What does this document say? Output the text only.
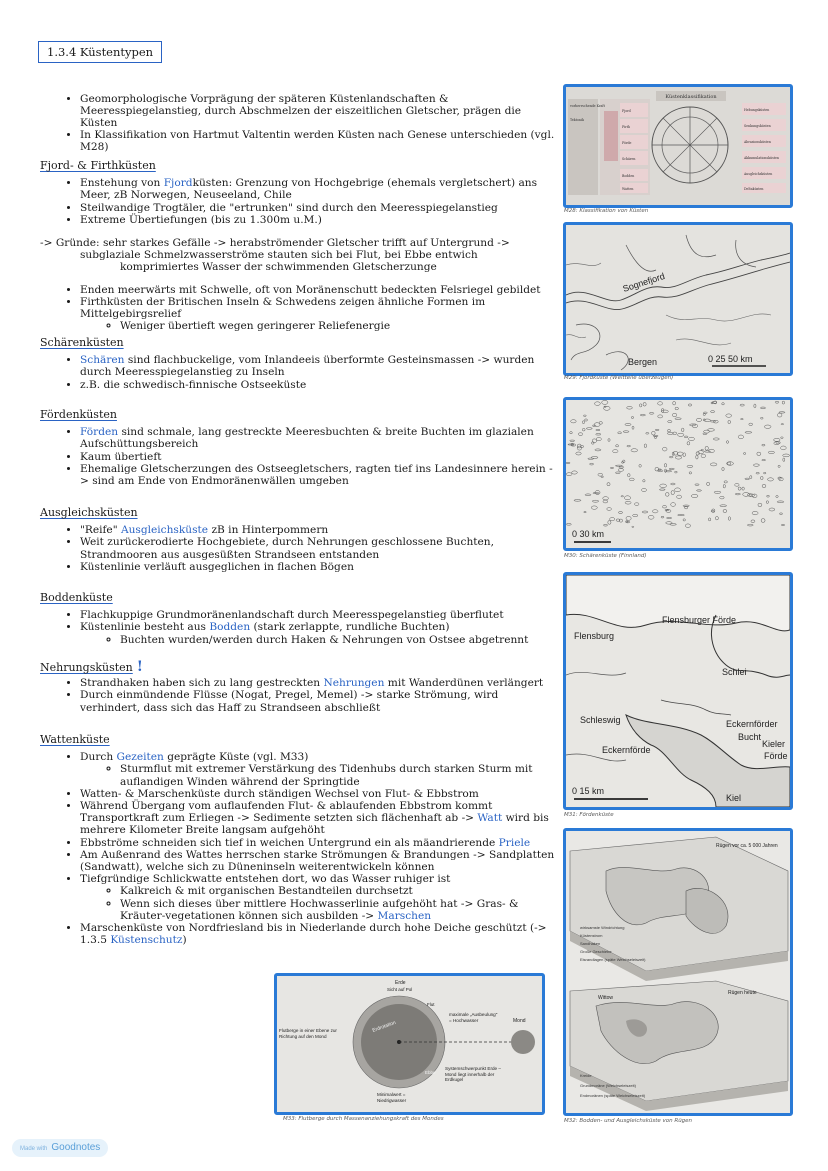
1.3.4 Küstentypen
• Geomorphologische Vorprägung der späteren Küstenlandschaften & Meeresspiegelanstieg, durch Abschmelzen der eiszeitlichen Gletscher, prägen die Küsten
• In Klassifikation von Hartmut Valtentin werden Küsten nach Genese unterschieden (vgl. M28)
Fjord- & Firthküsten
• Enstehung von Fjordküsten: Grenzung von Hochgebrige (ehemals vergletschert) ans Meer, zB Norwegen, Neuseeland, Chile
• Steilwandige Trogtäler, die "ertrunken" sind durch den Meeresspiegelanstieg
• Extreme Übertiefungen (bis zu 1.300m u.M.)
-> Gründe: sehr starkes Gefälle -> herabströmender Gletscher trifft auf Untergrund ->
subglaziale Schmelzwasserströme stauten sich bei Flut, bei Ebbe entwich
komprimiertes Wasser der schwimmenden Gletscherzunge
• Enden meerwärts mit Schwelle, oft von Moränenschutt bedeckten Felsriegel gebildet
• Firthküsten der Britischen Inseln & Schwedens zeigen ähnliche Formen im Mittelgebirgsrelief
◦ Weniger übertieft wegen geringerer Reliefenergie
Schärenküsten
• Schären sind flachbuckelige, vom Inlandeeis überformte Gesteinsmassen -> wurden durch Meeresspiegelanstieg zu Inseln
• z.B. die schwedisch-finnische Ostseeküste
Fördenküsten
• Förden sind schmale, lang gestreckte Meeresbuchten & breite Buchten im glazialen Aufschüttungsbereich
• Kaum übertieft
• Ehemalige Gletscherzungen des Ostseegletschers, ragten tief ins Landesinnere herein -> sind am Ende von Endmoränenwällen umgeben
Ausgleichsküsten
• "Reife" Ausgleichsküste zB in Hinterpommern
• Weit zurückerodierte Hochgebiete, durch Nehrungen geschlossene Buchten, Strandmooren aus ausgesüßten Strandseen entstanden
• Küstenlinie verläuft ausgeglichen in flachen Bögen
Boddenküste
• Flachkuppige Grundmoränenlandschaft durch Meeresspegelanstieg überflutet
• Küstenlinie besteht aus Bodden (stark zerlappte, rundliche Buchten)
◦ Buchten wurden/werden durch Haken & Nehrungen von Ostsee abgetrennt
Nehrungsküsten !
• Strandhaken haben sich zu lang gestreckten Nehrungen mit Wanderdünen verlängert
• Durch einmündende Flüsse (Nogat, Pregel, Memel) -> starke Strömung, wird verhindert, dass sich das Haff zu Strandseen abschließt
Wattenküste
• Durch Gezeiten geprägte Küste (vgl. M33)
◦ Sturmflut mit extremer Verstärkung des Tidenhubs durch starken Sturm mit auflandigen Winden während der Springtide
• Watten- & Marschenküste durch ständigen Wechsel von Flut- & Ebbstrom
• Während Übergang vom auflaufenden Flut- & ablaufenden Ebbstrom kommt Transportkraft zum Erliegen -> Sedimente setzten sich flächenhaft ab -> Watt wird bis mehrere Kilometer Breite langsam aufgehöht
• Ebbströme schneiden sich tief in weichen Untergrund ein als mäandrierende Priele
• Am Außenrand des Wattes herrschen starke Strömungen & Brandungen -> Sandplatten (Sandwatt), welche sich zu Düneninseln weiterentwickeln können
• Tiefgründige Schlickwatte entstehen dort, wo das Wasser ruhiger ist
◦ Kalkreich & mit organischen Bestandteilen durchsetzt
◦ Wenn sich dieses über mittlere Hochwasserlinie aufgehöht hat -> Gras- & Kräuter-vegetationen können sich ausbilden -> Marschen
• Marschenküste von Nordfriesland bis in Niederlande durch hohe Deiche geschützt (-> 1.3.5 Küstenschutz)
Küstenklassifikation
vorherrschende Kraft
Tektonik
Fjord
Firth
Förde
Schären
Bodden
Watten
Hebungsküsten
Senkungsküsten
Abrasionsküsten
Akkumulationsküsten
Ausgleichsküsten
Deltaküsten
M28: Klassifikation von Küsten
Sognefjord
Bergen	0 25 50 km
M29: Fjordküste (Weltteile überzeugen)
0 30 km
M30: Schärenküste (Finnland)
Flensburger Förde
Flensburg
Schlei
Schleswig	Eckernförder
Bucht
Eckernförde
Kieler
Förde
Kiel
0 15 km
M31: Fördenküste
Rügen vor ca. 5 000 Jahren
wirksamste Windrichtung
Küstenstrom
Sandhaken
Große Geschiebe
Eisrandlagen (späte Weichseleiszeit)
Rügen heute
Wittow
Kreide
Grundmoräne (Weichseleiszeit)
Endmoränen (späte Weichseleiszeit)
M32: Bodden- und Ausgleichsküste von Rügen
Erde
Sicht auf Pol
Flut
Erdrotation
Ebbe
Flutberge in einer Ebene zur Richtung auf den Mond
maximale „Ausbeulung" = Hochwasser	Mond
Systemschwerpunkt Erde – Mond liegt innerhalb der Erdkugel
Minimalwert = Niedrigwasser
M33: Flutberge durch Massenanziehungskraft des Mondes
Made with Goodnotes
